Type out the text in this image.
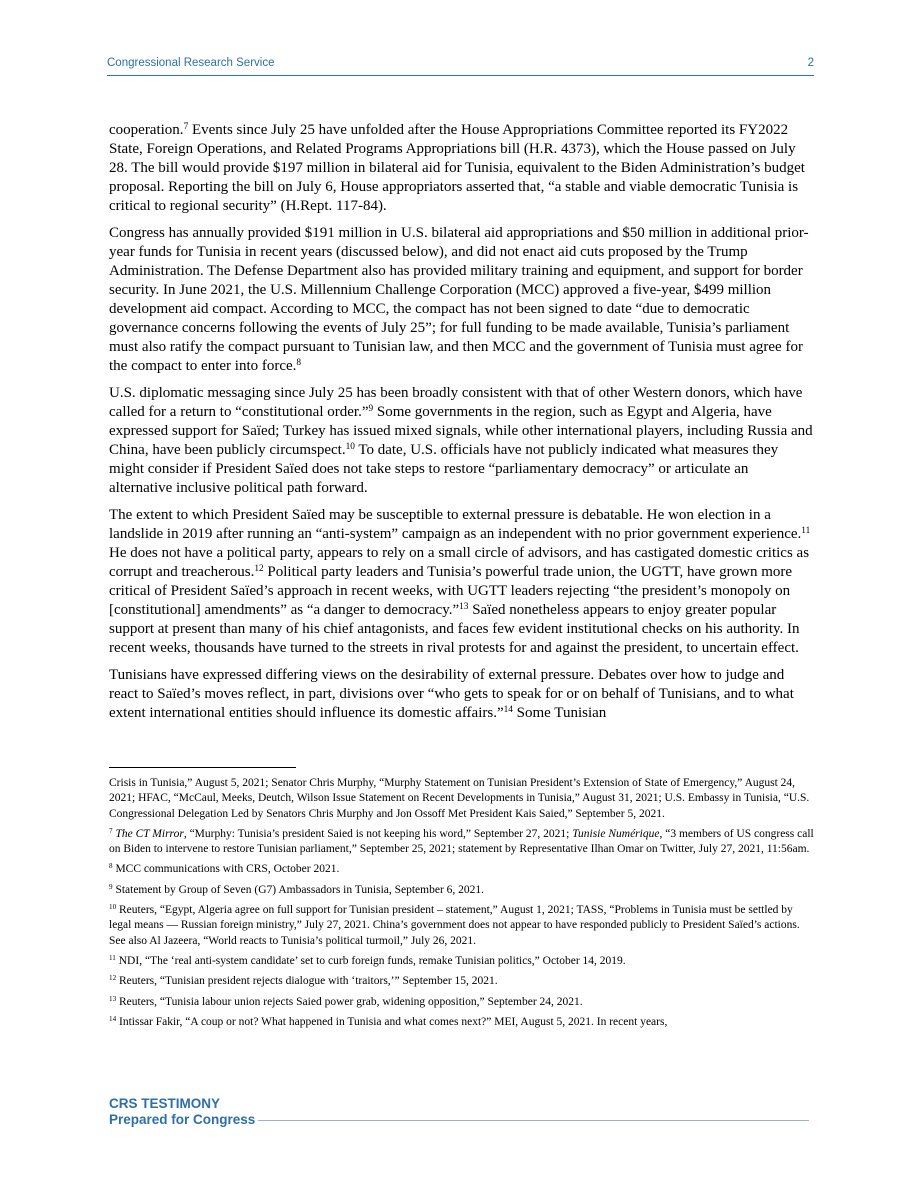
Congressional Research Service	2

cooperation.$^7$ Events since July 25 have unfolded after the House Appropriations Committee reported its FY2022 State, Foreign Operations, and Related Programs Appropriations bill (H.R. 4373), which the House passed on July 28. The bill would provide $197 million in bilateral aid for Tunisia, equivalent to the Biden Administration’s budget proposal. Reporting the bill on July 6, House appropriators asserted that, “a stable and viable democratic Tunisia is critical to regional security” (H.Rept. 117-84).

Congress has annually provided $191 million in U.S. bilateral aid appropriations and $50 million in additional prior-year funds for Tunisia in recent years (discussed below), and did not enact aid cuts proposed by the Trump Administration. The Defense Department also has provided military training and equipment, and support for border security. In June 2021, the U.S. Millennium Challenge Corporation (MCC) approved a five-year, $499 million development aid compact. According to MCC, the compact has not been signed to date “due to democratic governance concerns following the events of July 25”; for full funding to be made available, Tunisia’s parliament must also ratify the compact pursuant to Tunisian law, and then MCC and the government of Tunisia must agree for the compact to enter into force.$^8$

U.S. diplomatic messaging since July 25 has been broadly consistent with that of other Western donors, which have called for a return to “constitutional order.”$^9$ Some governments in the region, such as Egypt and Algeria, have expressed support for Saïed; Turkey has issued mixed signals, while other international players, including Russia and China, have been publicly circumspect.$^{10}$ To date, U.S. officials have not publicly indicated what measures they might consider if President Saïed does not take steps to restore “parliamentary democracy” or articulate an alternative inclusive political path forward.

The extent to which President Saïed may be susceptible to external pressure is debatable. He won election in a landslide in 2019 after running an “anti-system” campaign as an independent with no prior government experience.$^{11}$ He does not have a political party, appears to rely on a small circle of advisors, and has castigated domestic critics as corrupt and treacherous.$^{12}$ Political party leaders and Tunisia’s powerful trade union, the UGTT, have grown more critical of President Saïed’s approach in recent weeks, with UGTT leaders rejecting “the president’s monopoly on [constitutional] amendments” as “a danger to democracy.”$^{13}$ Saïed nonetheless appears to enjoy greater popular support at present than many of his chief antagonists, and faces few evident institutional checks on his authority. In recent weeks, thousands have turned to the streets in rival protests for and against the president, to uncertain effect.

Tunisians have expressed differing views on the desirability of external pressure. Debates over how to judge and react to Saïed’s moves reflect, in part, divisions over “who gets to speak for or on behalf of Tunisians, and to what extent international entities should influence its domestic affairs.”$^{14}$ Some Tunisian

Crisis in Tunisia,” August 5, 2021; Senator Chris Murphy, “Murphy Statement on Tunisian President’s Extension of State of Emergency,” August 24, 2021; HFAC, “McCaul, Meeks, Deutch, Wilson Issue Statement on Recent Developments in Tunisia,” August 31, 2021; U.S. Embassy in Tunisia, “U.S. Congressional Delegation Led by Senators Chris Murphy and Jon Ossoff Met President Kais Saied,” September 5, 2021.

$^7$ The CT Mirror, “Murphy: Tunisia’s president Saied is not keeping his word,” September 27, 2021; Tunisie Numérique, “3 members of US congress call on Biden to intervene to restore Tunisian parliament,” September 25, 2021; statement by Representative Ilhan Omar on Twitter, July 27, 2021, 11:56am.

$^8$ MCC communications with CRS, October 2021.

$^9$ Statement by Group of Seven (G7) Ambassadors in Tunisia, September 6, 2021.

$^{10}$ Reuters, “Egypt, Algeria agree on full support for Tunisian president – statement,” August 1, 2021; TASS, “Problems in Tunisia must be settled by legal means — Russian foreign ministry,” July 27, 2021. China’s government does not appear to have responded publicly to President Saïed’s actions. See also Al Jazeera, “World reacts to Tunisia’s political turmoil,” July 26, 2021.

$^{11}$ NDI, “The ‘real anti-system candidate’ set to curb foreign funds, remake Tunisian politics,” October 14, 2019.

$^{12}$ Reuters, “Tunisian president rejects dialogue with ‘traitors,’” September 15, 2021.

$^{13}$ Reuters, “Tunisia labour union rejects Saied power grab, widening opposition,” September 24, 2021.

$^{14}$ Intissar Fakir, “A coup or not? What happened in Tunisia and what comes next?” MEI, August 5, 2021. In recent years,

CRS TESTIMONY
Prepared for Congress
